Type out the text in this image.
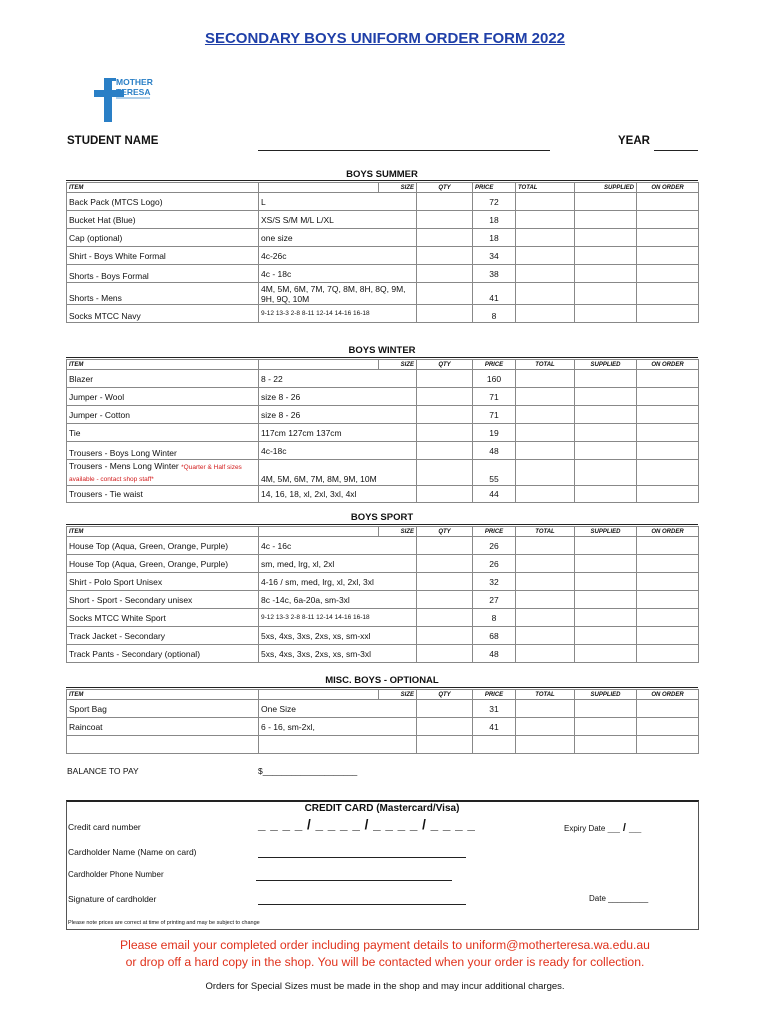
SECONDARY BOYS UNIFORM ORDER FORM 2022
MOTHER
TERESA
STUDENT NAME	YEAR
BOYS SUMMER
ITEM		SIZE	QTY	PRICE	TOTAL	SUPPLIED	ON ORDER
Back Pack (MTCS Logo)	L			72			
Bucket Hat (Blue)	XS/S S/M M/L L/XL			18			
Cap (optional)	one size			18			
Shirt - Boys White Formal	4c-26c			34			
Shorts - Boys Formal	4c - 18c			38			
Shorts - Mens	4M, 5M, 6M, 7M, 7Q, 8M, 8H, 8Q, 9M, 9H, 9Q, 10M			41			
Socks MTCC Navy	9-12 13-3 2-8 8-11 12-14 14-16 16-18			8			
BOYS WINTER
ITEM		SIZE	QTY	PRICE	TOTAL	SUPPLIED	ON ORDER
Blazer	8 - 22			160			
Jumper - Wool	size 8 - 26			71			
Jumper - Cotton	size 8 - 26			71			
Tie	117cm 127cm 137cm			19			
Trousers - Boys Long Winter	4c-18c			48			
Trousers - Mens Long Winter *Quarter & Half sizes available - contact shop staff*	4M, 5M, 6M, 7M, 8M, 9M, 10M			55			
Trousers - Tie waist	14, 16, 18, xl, 2xl, 3xl, 4xl			44			
BOYS SPORT
ITEM		SIZE	QTY	PRICE	TOTAL	SUPPLIED	ON ORDER
House Top (Aqua, Green, Orange, Purple)	4c - 16c			26			
House Top (Aqua, Green, Orange, Purple)	sm, med, lrg, xl, 2xl			26			
Shirt - Polo Sport Unisex	4-16 / sm, med, lrg, xl, 2xl, 3xl			32			
Short - Sport - Secondary unisex	8c -14c, 6a-20a, sm-3xl			27			
Socks MTCC White Sport	9-12 13-3 2-8 8-11 12-14 14-16 16-18			8			
Track Jacket - Secondary	5xs, 4xs, 3xs, 2xs, xs, sm-xxl			68			
Track Pants - Secondary (optional)	5xs, 4xs, 3xs, 2xs, xs, sm-3xl			48			
MISC. BOYS - OPTIONAL
ITEM		SIZE	QTY	PRICE	TOTAL	SUPPLIED	ON ORDER
Sport Bag	One Size			31			
Raincoat	6 - 16, sm-2xl,			41			

BALANCE TO PAY	$____________________
CREDIT CARD (Mastercard/Visa)
Credit card number	_ _ _ _ / _ _ _ _ / _ _ _ _ / _ _ _ _	Expiry Date __ / __
Cardholder Name (Name on card)
Cardholder Phone Number
Signature of cardholder	Date _________
Please note prices are correct at time of printing and may be subject to change
Please email your completed order including payment details to uniform@motherteresa.wa.edu.au
or drop off a hard copy in the shop. You will be contacted when your order is ready for collection.
Orders for Special Sizes must be made in the shop and may incur additional charges.
